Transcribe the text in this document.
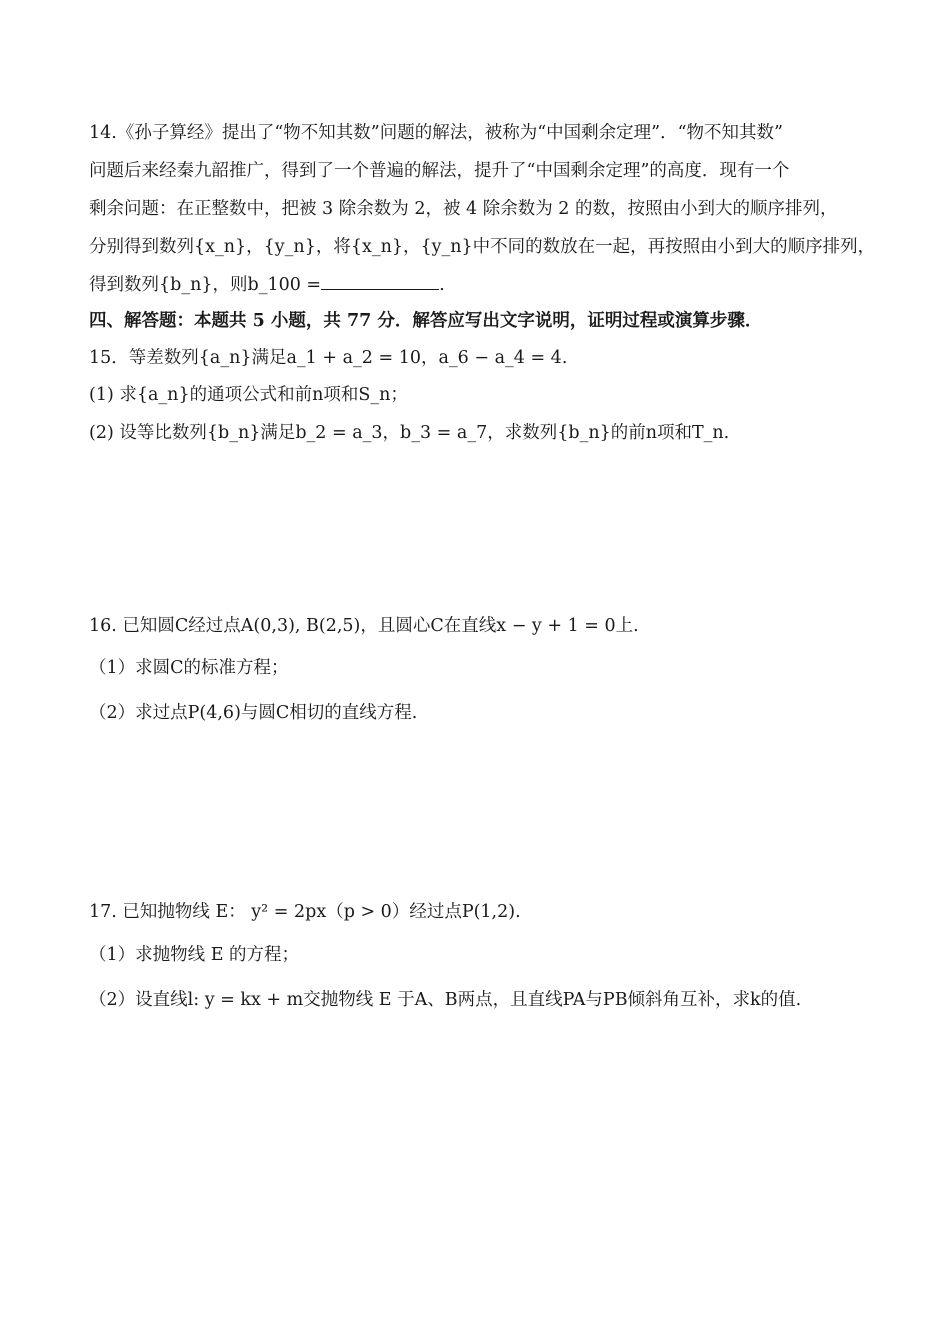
14.《孙子算经》提出了“物不知其数”问题的解法，被称为“中国剩余定理”．“物不知其数”
问题后来经秦九韶推广，得到了一个普遍的解法，提升了“中国剩余定理”的高度．现有一个
剩余问题：在正整数中，把被 3 除余数为 2，被 4 除余数为 2 的数，按照由小到大的顺序排列，
分别得到数列{x_n}，{y_n}，将{x_n}，{y_n}中不同的数放在一起，再按照由小到大的顺序排列，
得到数列{b_n}，则b_100 =	.
四、解答题：本题共 5 小题，共 77 分．解答应写出文字说明，证明过程或演算步骤．
15．等差数列{a_n}满足a_1 + a_2 = 10，a_6 − a_4 = 4.
(1) 求{a_n}的通项公式和前n项和S_n；
(2) 设等比数列{b_n}满足b_2 = a_3，b_3 = a_7，求数列{b_n}的前n项和T_n.
16. 已知圆C经过点A(0,3), B(2,5)，且圆心C在直线x − y + 1 = 0上.
（1）求圆C的标准方程；
（2）求过点P(4,6)与圆C相切的直线方程.
17. 已知抛物线 E： y² = 2px（p > 0）经过点P(1,2).
（1）求抛物线 E 的方程；
（2）设直线l: y = kx + m交抛物线 E 于A、B两点，且直线PA与PB倾斜角互补，求k的值.
